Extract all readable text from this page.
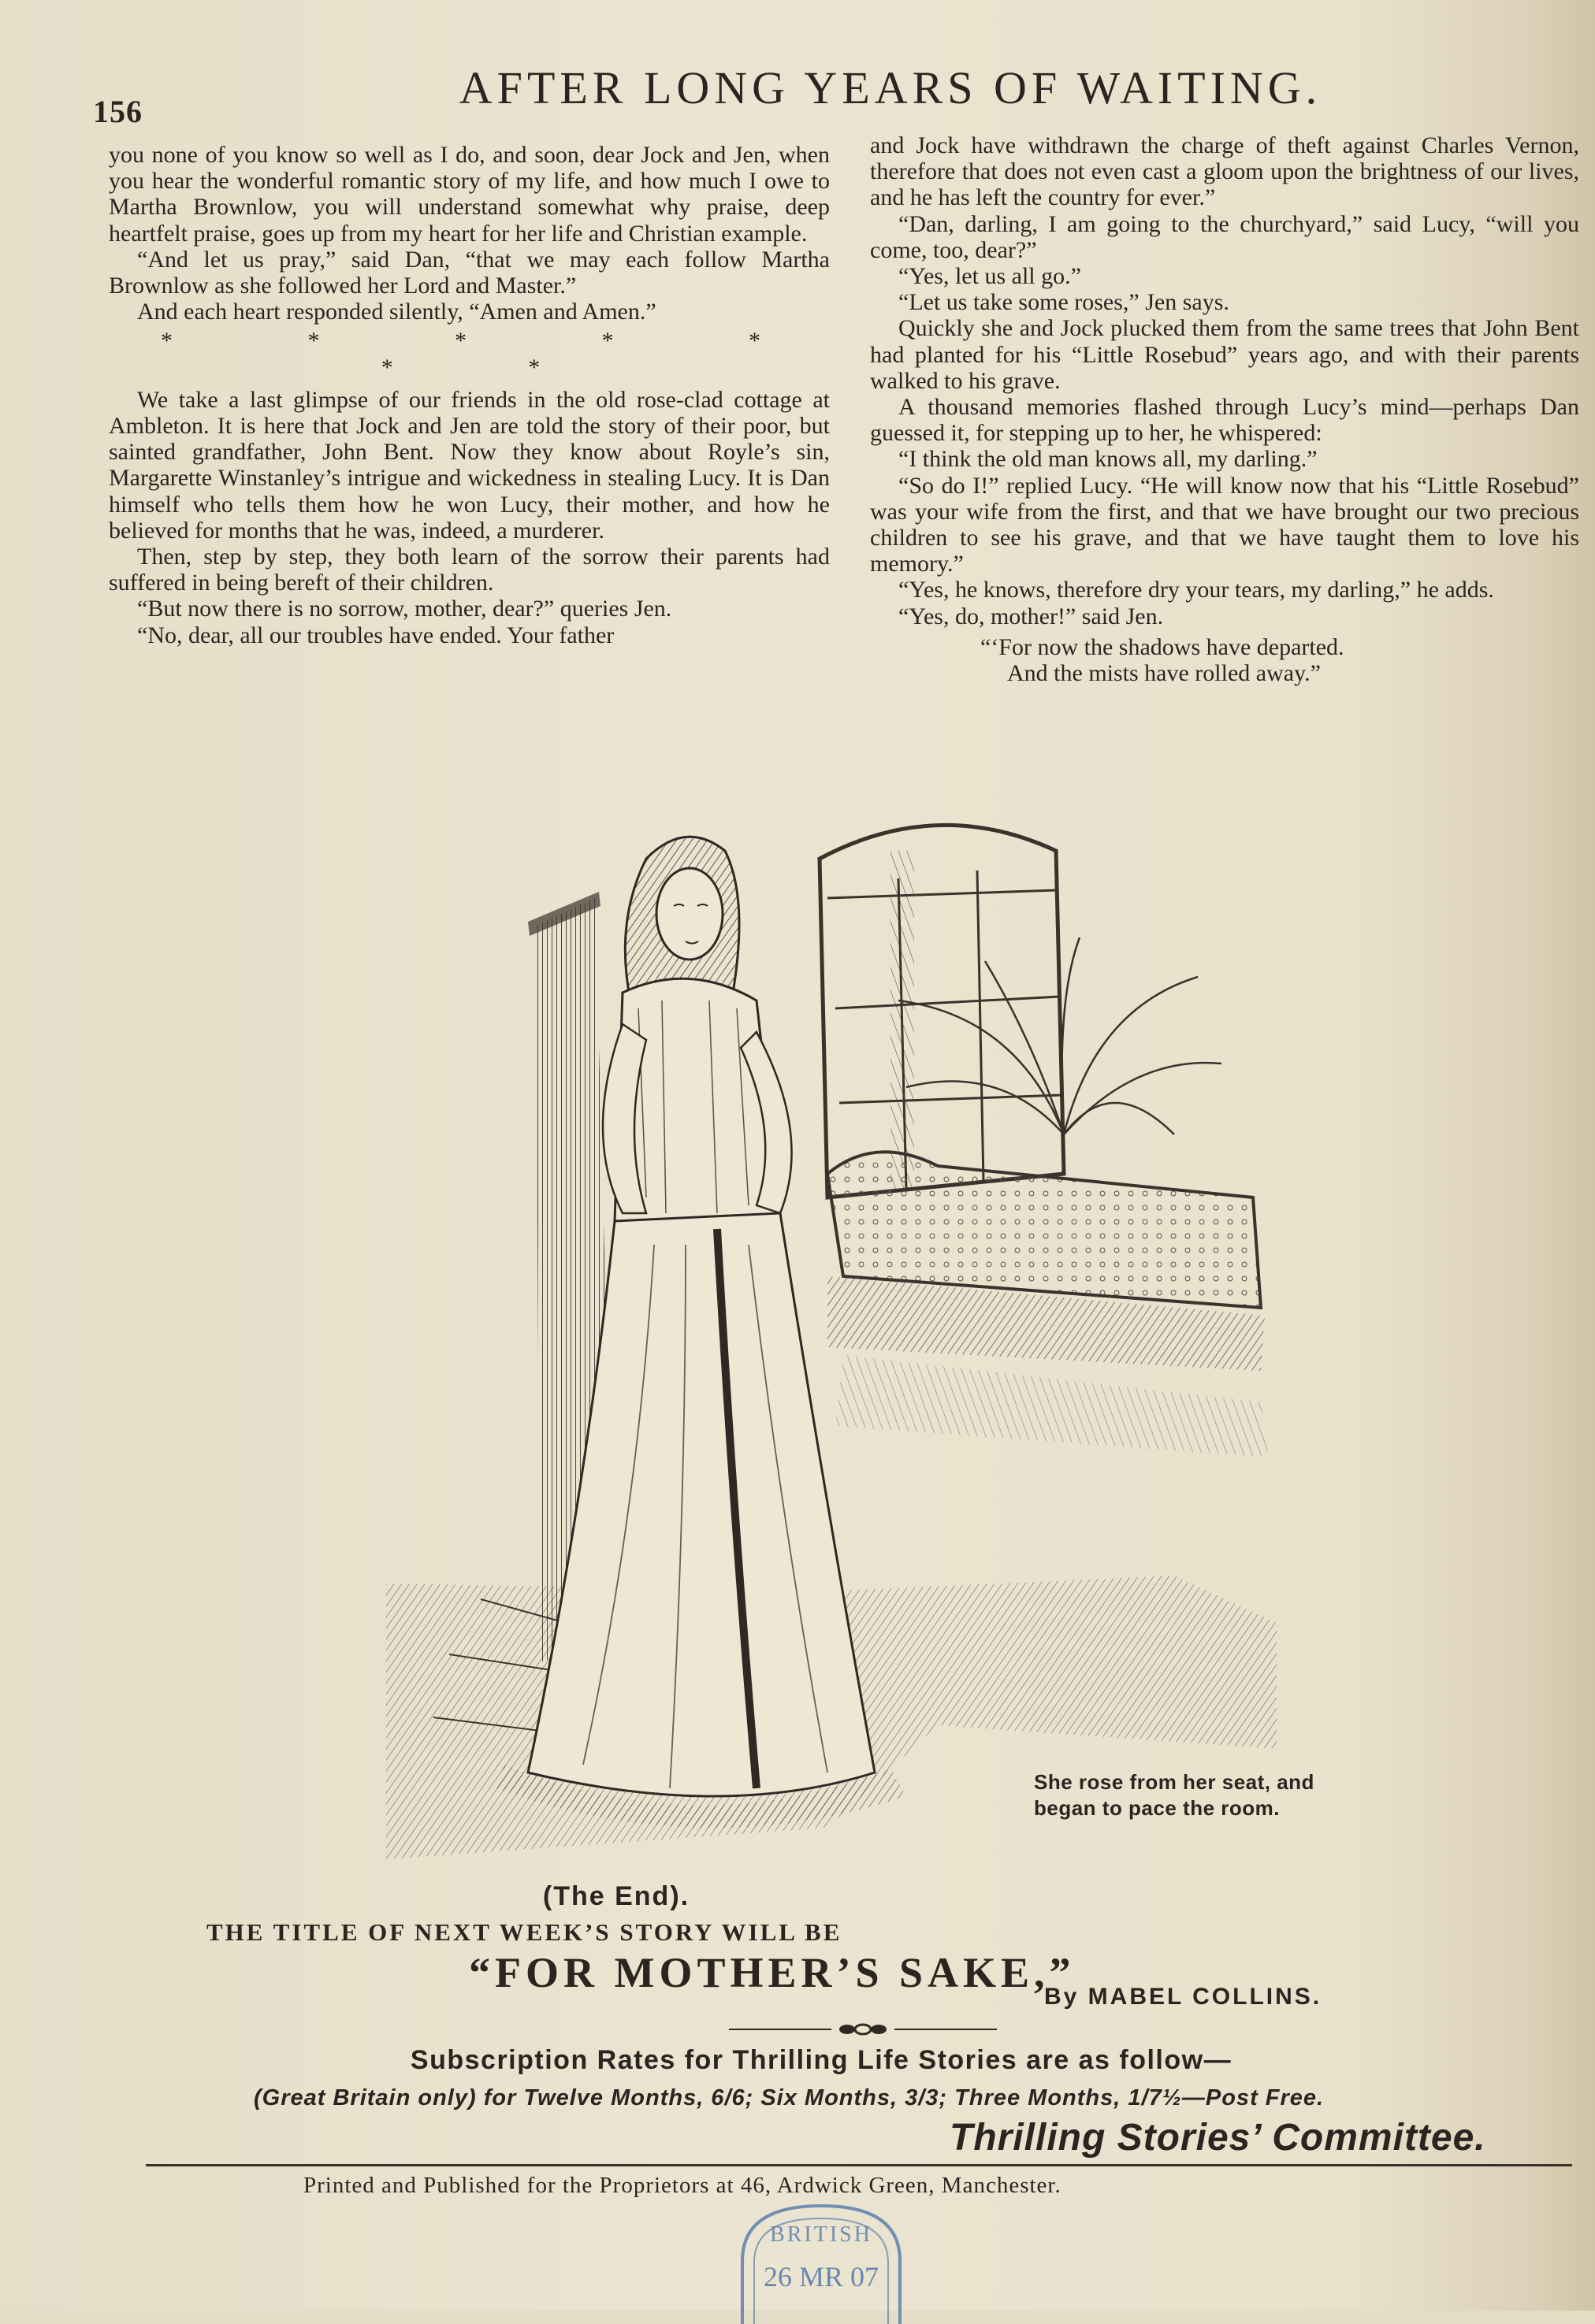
156	AFTER LONG YEARS OF WAITING.

you none of you know so well as I do, and soon, dear Jock and Jen, when you hear the wonderful romantic story of my life, and how much I owe to Martha Brownlow, you will understand somewhat why praise, deep heartfelt praise, goes up from my heart for her life and Christian example.

“And let us pray,” said Dan, “that we may each follow Martha Brownlow as she followed her Lord and Master.”

And each heart responded silently, “Amen and Amen.”

* * * * * * *

We take a last glimpse of our friends in the old rose-clad cottage at Ambleton. It is here that Jock and Jen are told the story of their poor, but sainted grandfather, John Bent. Now they know about Royle’s sin, Margarette Winstanley’s intrigue and wickedness in stealing Lucy. It is Dan himself who tells them how he won Lucy, their mother, and how he believed for months that he was, indeed, a murderer.

Then, step by step, they both learn of the sorrow their parents had suffered in being bereft of their children.

“But now there is no sorrow, mother, dear?” queries Jen.

“No, dear, all our troubles have ended. Your father

and Jock have withdrawn the charge of theft against Charles Vernon, therefore that does not even cast a gloom upon the brightness of our lives, and he has left the country for ever.”

“Dan, darling, I am going to the churchyard,” said Lucy, “will you come, too, dear?”

“Yes, let us all go.”

“Let us take some roses,” Jen says.

Quickly she and Jock plucked them from the same trees that John Bent had planted for his “Little Rosebud” years ago, and with their parents walked to his grave.

A thousand memories flashed through Lucy’s mind—perhaps Dan guessed it, for stepping up to her, he whispered:

“I think the old man knows all, my darling.”

“So do I!” replied Lucy. “He will know now that his “Little Rosebud” was your wife from the first, and that we have brought our two precious children to see his grave, and that we have taught them to love his memory.”

“Yes, he knows, therefore dry your tears, my darling,” he adds.

“Yes, do, mother!” said Jen.

“‘For now the shadows have departed.
And the mists have rolled away.”
She rose from her seat, and began to pace the room.
(The End).
THE TITLE OF NEXT WEEK’S STORY WILL BE
“FOR MOTHER’S SAKE,”
By MABEL COLLINS.
Subscription Rates for Thrilling Life Stories are as follow—
(Great Britain only) for Twelve Months, 6/6; Six Months, 3/3; Three Months, 1/7½—Post Free.
Thrilling Stories’ Committee.
Printed and Published for the Proprietors at 46, Ardwick Green, Manchester.
BRITISH
26 MR 07
